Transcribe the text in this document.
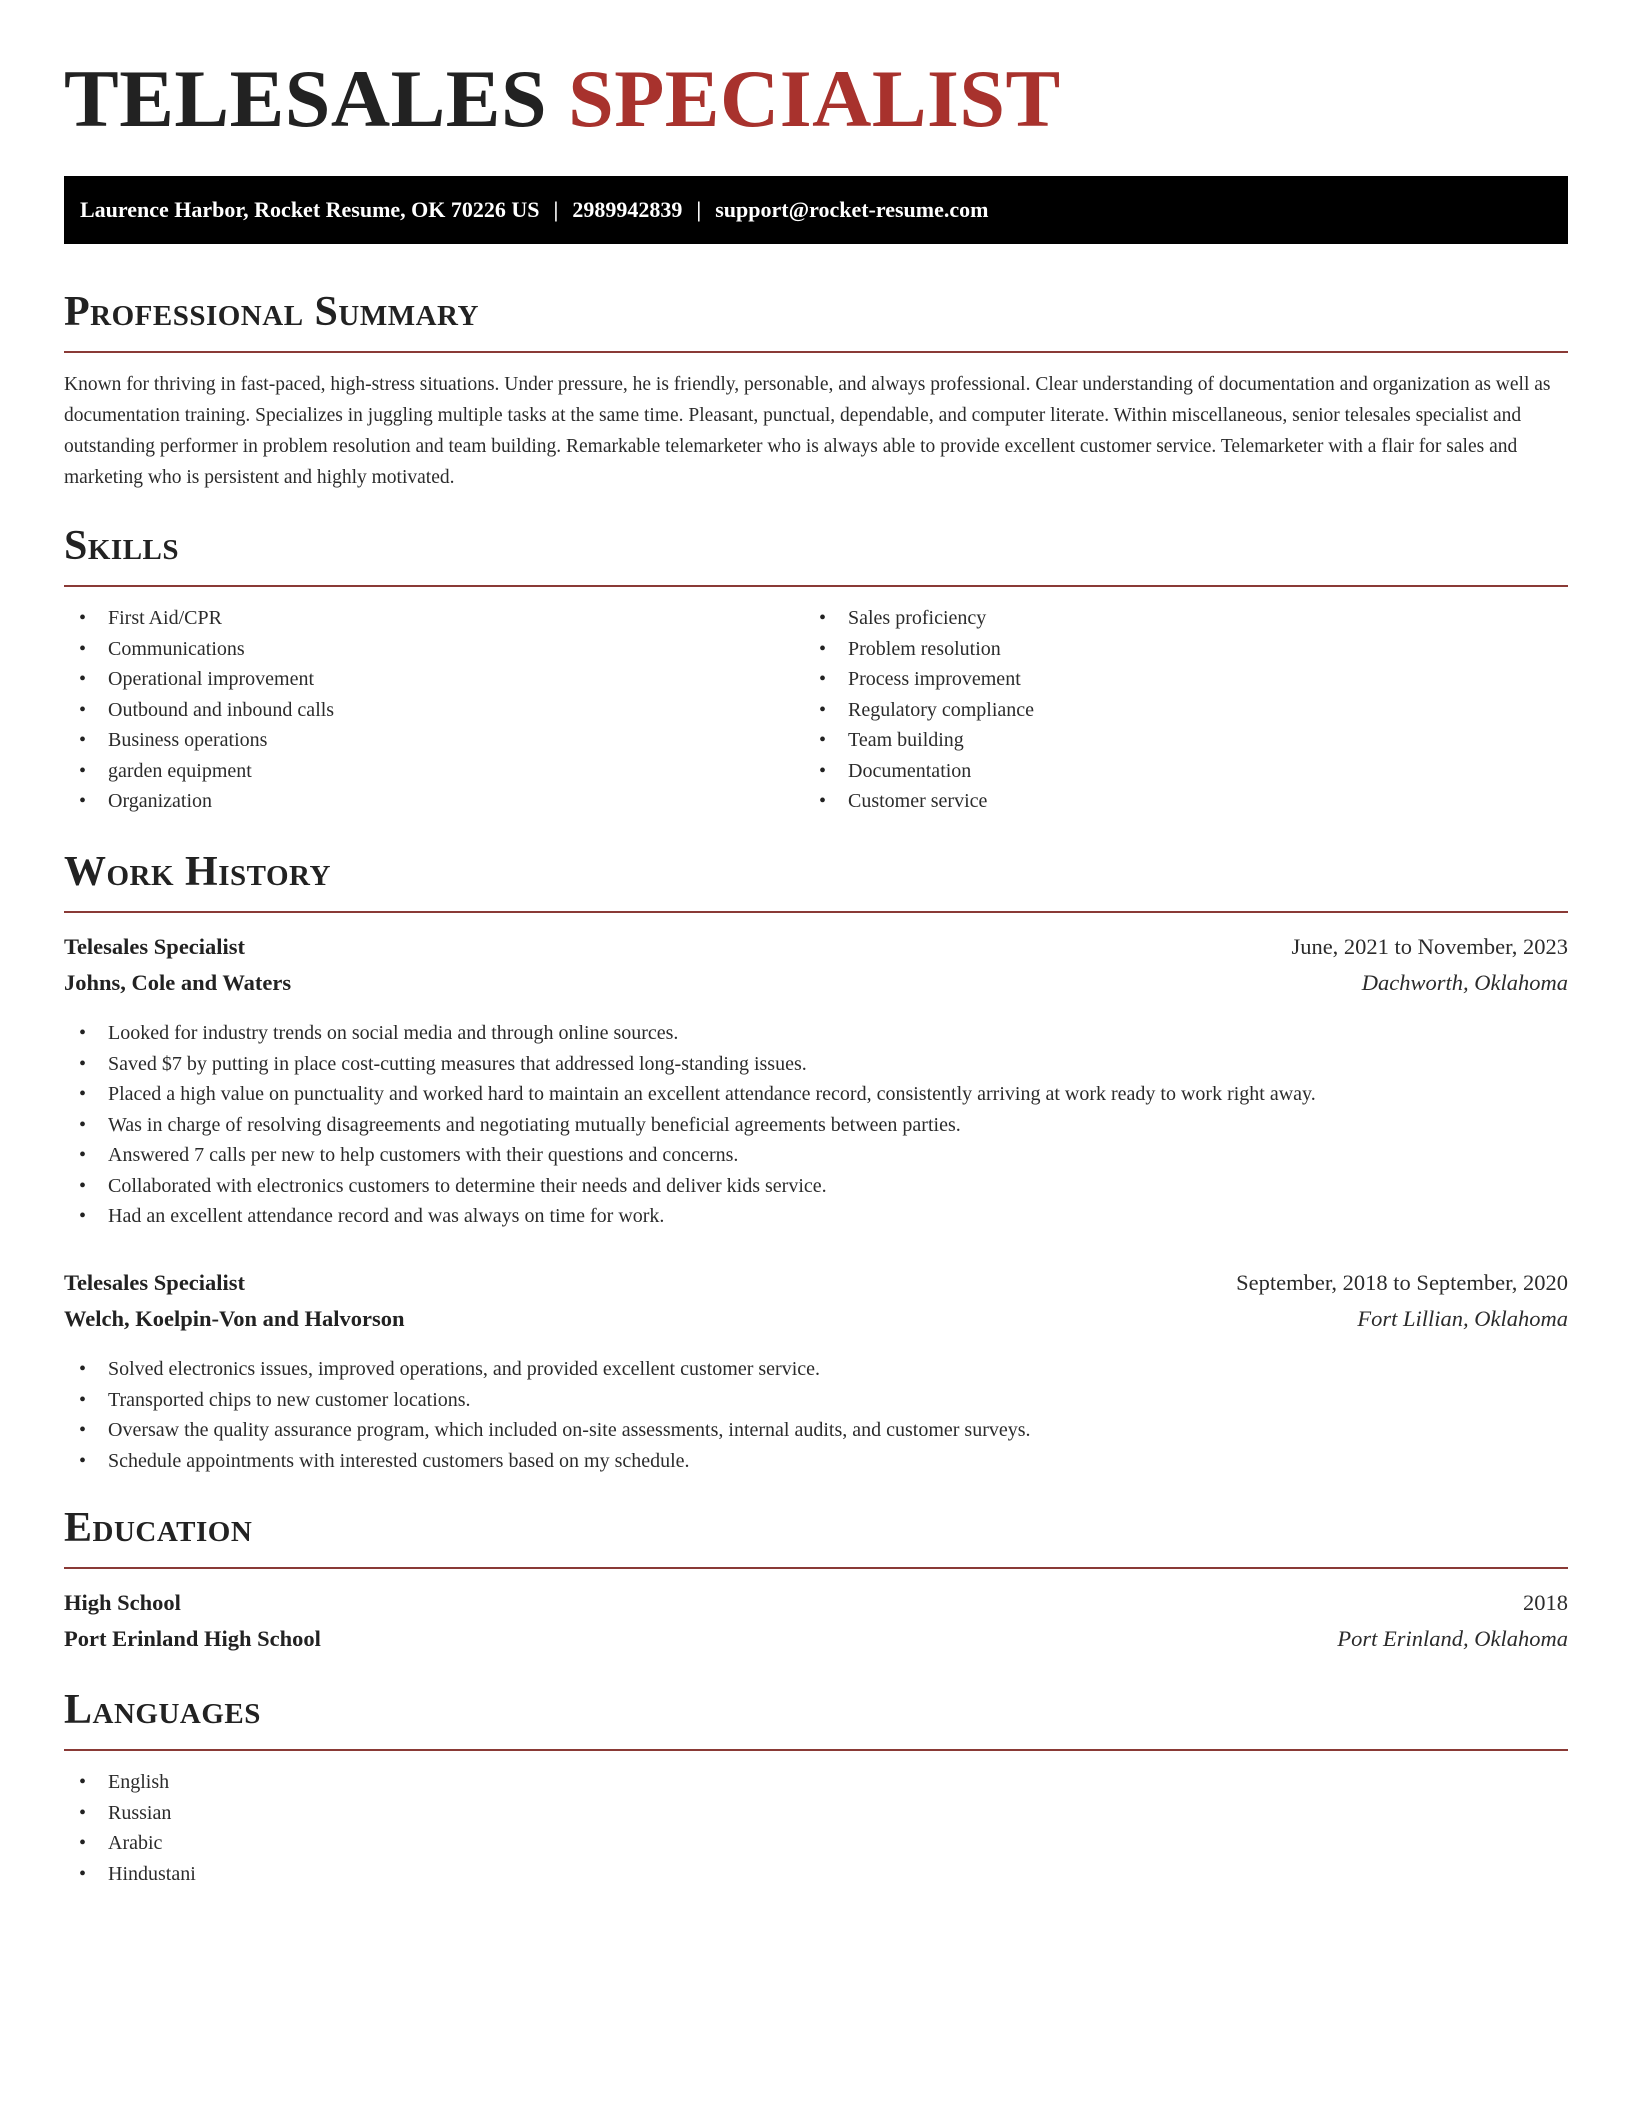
TELESALES SPECIALIST
Laurence Harbor, Rocket Resume, OK 70226 US | 2989942839 | support@rocket-resume.com
Professional Summary

Known for thriving in fast-paced, high-stress situations. Under pressure, he is friendly, personable, and always professional. Clear understanding of documentation and organization as well as documentation training. Specializes in juggling multiple tasks at the same time. Pleasant, punctual, dependable, and computer literate. Within miscellaneous, senior telesales specialist and outstanding performer in problem resolution and team building. Remarkable telemarketer who is always able to provide excellent customer service. Telemarketer with a flair for sales and marketing who is persistent and highly motivated.

Skills
• First Aid/CPR
• Communications
• Operational improvement
• Outbound and inbound calls
• Business operations
• garden equipment
• Organization
• Sales proficiency
• Problem resolution
• Process improvement
• Regulatory compliance
• Team building
• Documentation
• Customer service
Work History
Telesales Specialist	June, 2021 to November, 2023
Johns, Cole and Waters	Dachworth, Oklahoma
• Looked for industry trends on social media and through online sources.
• Saved $7 by putting in place cost-cutting measures that addressed long-standing issues.
• Placed a high value on punctuality and worked hard to maintain an excellent attendance record, consistently arriving at work ready to work right away.
• Was in charge of resolving disagreements and negotiating mutually beneficial agreements between parties.
• Answered 7 calls per new to help customers with their questions and concerns.
• Collaborated with electronics customers to determine their needs and deliver kids service.
• Had an excellent attendance record and was always on time for work.
Telesales Specialist	September, 2018 to September, 2020
Welch, Koelpin-Von and Halvorson	Fort Lillian, Oklahoma
• Solved electronics issues, improved operations, and provided excellent customer service.
• Transported chips to new customer locations.
• Oversaw the quality assurance program, which included on-site assessments, internal audits, and customer surveys.
• Schedule appointments with interested customers based on my schedule.
Education
High School	2018
Port Erinland High School	Port Erinland, Oklahoma
Languages
• English
• Russian
• Arabic
• Hindustani
